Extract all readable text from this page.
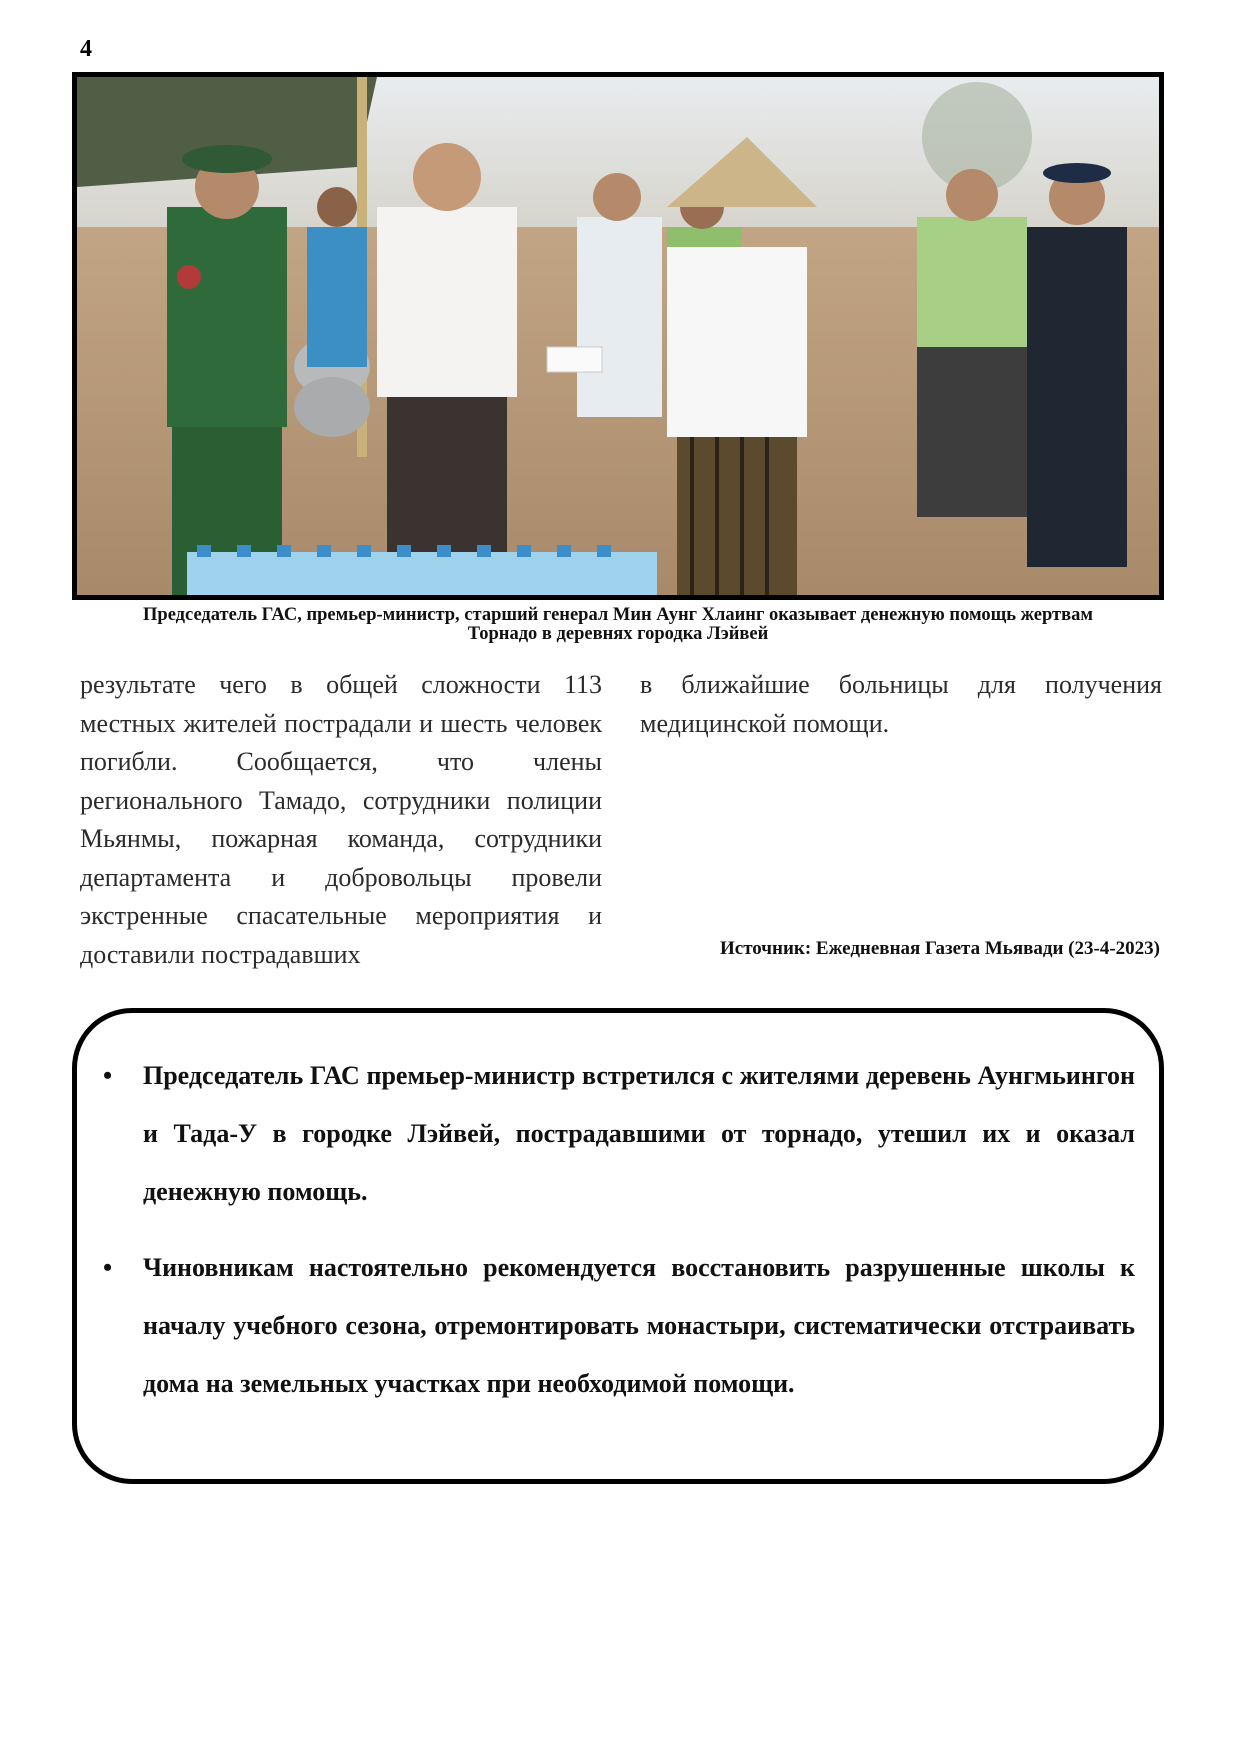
4
Председатель ГАС, премьер-министр, старший генерал Мин Аунг Хлаинг оказывает денежную помощь жертвам
Торнадо в деревнях городка Лэйвей
результате чего в общей сложности 113 местных жителей пострадали и шесть человек погибли. Сообщается, что члены регионального Тамадо, сотрудники полиции Мьянмы, пожарная команда, сотрудники департамента и добровольцы провели экстренные спасательные мероприятия и доставили пострадавших
в ближайшие больницы для получения медицинской помощи.
Источник: Ежедневная Газета Мьявади (23-4-2023)
• Председатель ГАС премьер-министр встретился с жителями деревень Аунгмьингон и Тада-У в городке Лэйвей, пострадавшими от торнадо, утешил их и оказал денежную помощь.
• Чиновникам настоятельно рекомендуется восстановить разрушенные школы к началу учебного сезона, отремонтировать монастыри, систематически отстраивать дома на земельных участках при необходимой помощи.
